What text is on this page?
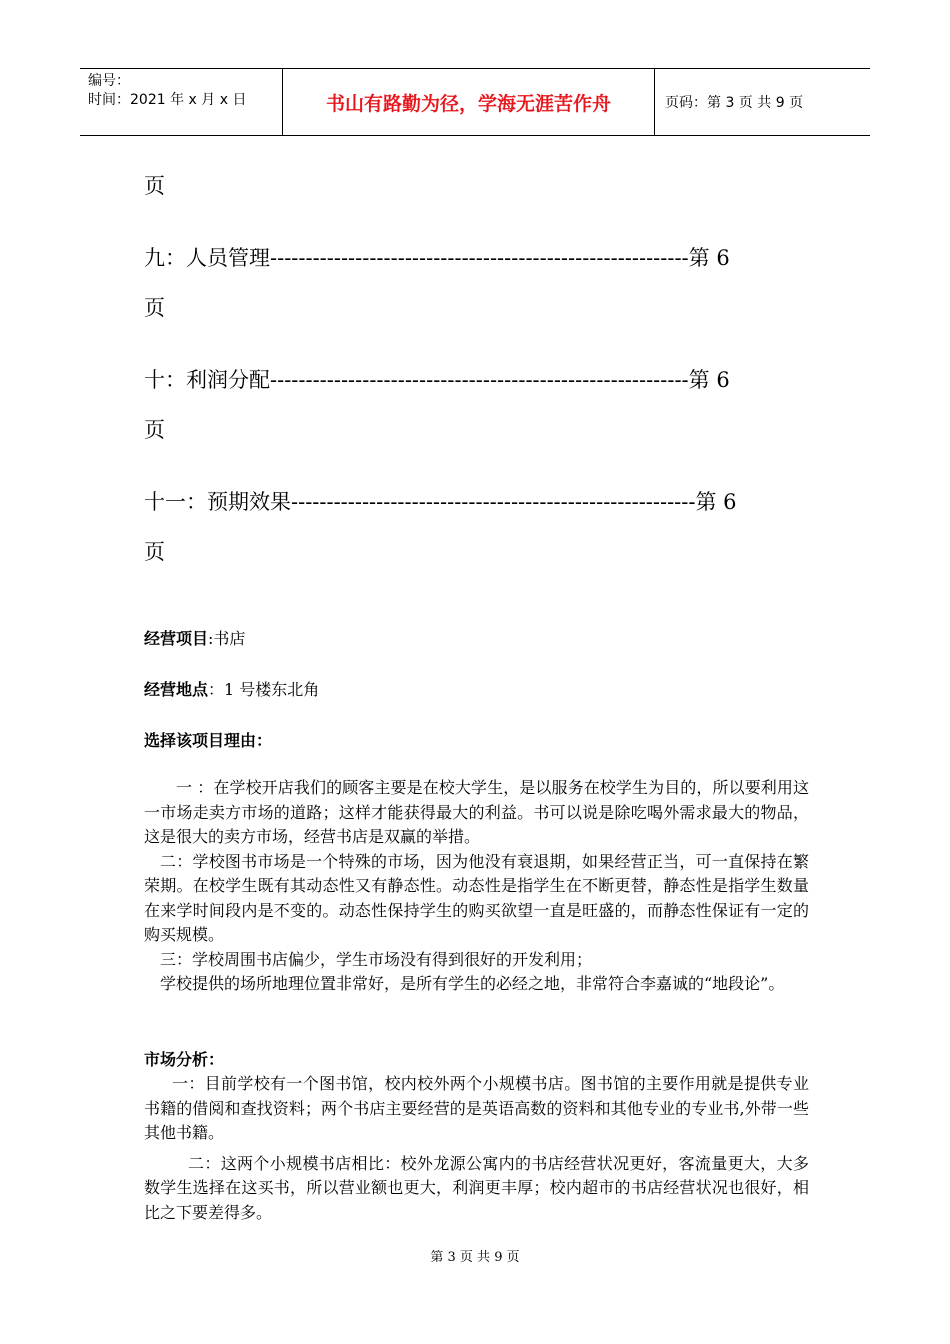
编号：
时间：2021 年 x 月 x 日	书山有路勤为径，学海无涯苦作舟	页码：第 3 页 共 9 页
页
九：人员管理-----------------------------------------------------------第 6
页
十：利润分配-----------------------------------------------------------第 6
页
十一：预期效果---------------------------------------------------------第 6
页
经营项目:书店
经营地点：1 号楼东北角
选择该项目理由：
一 ：在学校开店我们的顾客主要是在校大学生，是以服务在校学生为目的，所以要利用这一市场走卖方市场的道路；这样才能获得最大的利益。书可以说是除吃喝外需求最大的物品，这是很大的卖方市场，经营书店是双赢的举措。
二：学校图书市场是一个特殊的市场，因为他没有衰退期，如果经营正当，可一直保持在繁荣期。在校学生既有其动态性又有静态性。动态性是指学生在不断更替，静态性是指学生数量在来学时间段内是不变的。动态性保持学生的购买欲望一直是旺盛的，而静态性保证有一定的购买规模。
三：学校周围书店偏少，学生市场没有得到很好的开发利用；
学校提供的场所地理位置非常好，是所有学生的必经之地，非常符合李嘉诚的“地段论”。
市场分析：
一：目前学校有一个图书馆，校内校外两个小规模书店。图书馆的主要作用就是提供专业书籍的借阅和查找资料；两个书店主要经营的是英语高数的资料和其他专业的专业书,外带一些其他书籍。
二：这两个小规模书店相比：校外龙源公寓内的书店经营状况更好，客流量更大，大多数学生选择在这买书，所以营业额也更大，利润更丰厚；校内超市的书店经营状况也很好，相比之下要差得多。
第 3 页 共 9 页
